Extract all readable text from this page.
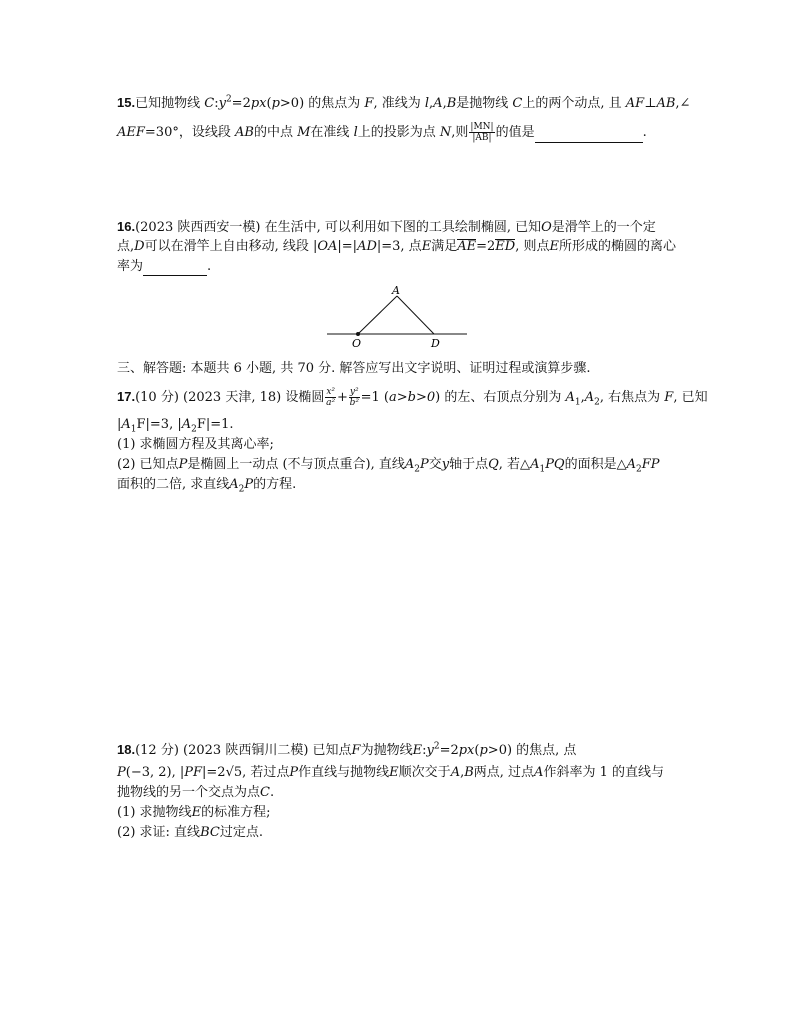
15.已知抛物线 $C:y^2=2px(p>0)$ 的焦点为 F, 准线为 l,A,B是抛物线 C上的两个动点, 且 AF⊥AB,∠
AEF=30°，设线段 AB的中点 M在准线 l上的投影为点 N,则 $\frac{|MN|}{|AB|}$ 的值是	.
16.(2023 陕西西安一模) 在生活中, 可以利用如下图的工具绘制椭圆, 已知O是滑竿上的一个定
点,D可以在滑竿上自由移动, 线段 |OA|=|AD|=3, 点E满足AE=2ED, 则点E所形成的椭圆的离心
率为	.
A
O	D
三、解答题: 本题共 6 小题, 共 70 分. 解答应写出文字说明、证明过程或演算步骤.
17.(10 分) (2023 天津, 18) 设椭圆 $\frac{\text{x²}}{\text{a²}} + \frac{\text{y²}}{\text{b²}} =1$ (a>b>0) 的左、右顶点分别为 $A_1,A_2$, 右焦点为 F, 已知
$|A_1F|=3$, $|A_2F|=1$.
(1) 求椭圆方程及其离心率;
(2) 已知点P是椭圆上一动点 (不与顶点重合), 直线$A_2P$交y轴于点Q, 若$\triangle A_1PQ$的面积是$\triangle A_2FP$
面积的二倍, 求直线$A_2P$的方程.
18.(12 分) (2023 陕西铜川二模) 已知点F为抛物线$E:y^2=2px(p>0)$ 的焦点, 点
P(−3, 2), |PF|=2√5, 若过点P作直线与抛物线E顺次交于A,B两点, 过点A作斜率为 1 的直线与
抛物线的另一个交点为点C.
(1) 求抛物线E的标准方程;
(2) 求证: 直线BC过定点.
